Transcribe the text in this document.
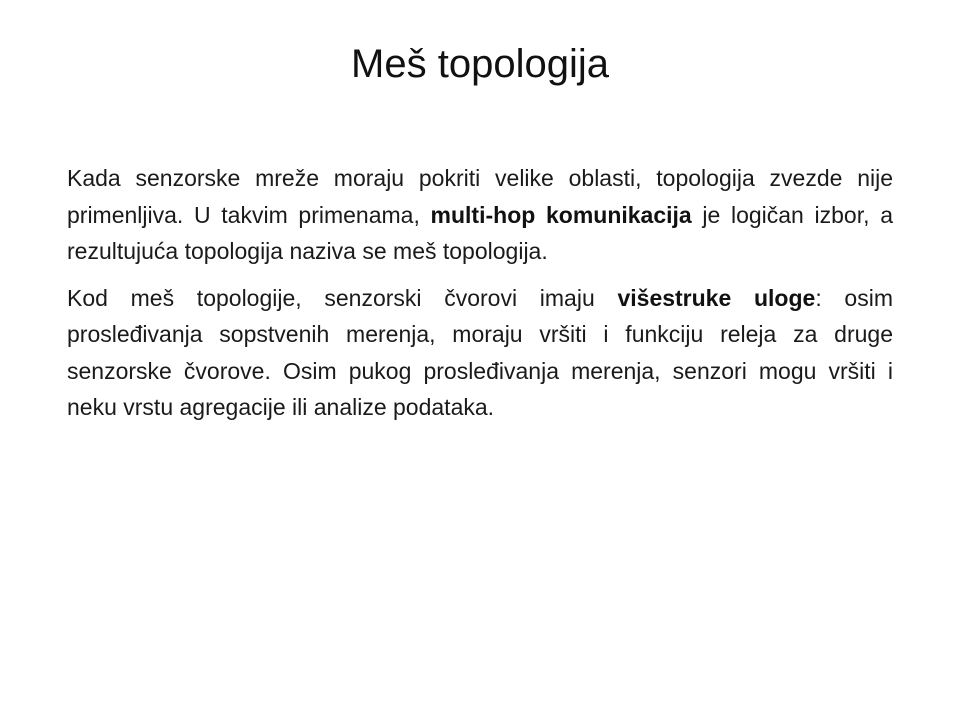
Meš topologija

Kada senzorske mreže moraju pokriti velike oblasti, topologija zvezde nije primenljiva. U takvim primenama, multi-hop komunikacija je logičan izbor, a rezultujuća topologija naziva se meš topologija.

Kod meš topologije, senzorski čvorovi imaju višestruke uloge: osim prosleđivanja sopstvenih merenja, moraju vršiti i funkciju releja za druge senzorske čvorove. Osim pukog prosleđivanja merenja, senzori mogu vršiti i neku vrstu agregacije ili analize podataka.
